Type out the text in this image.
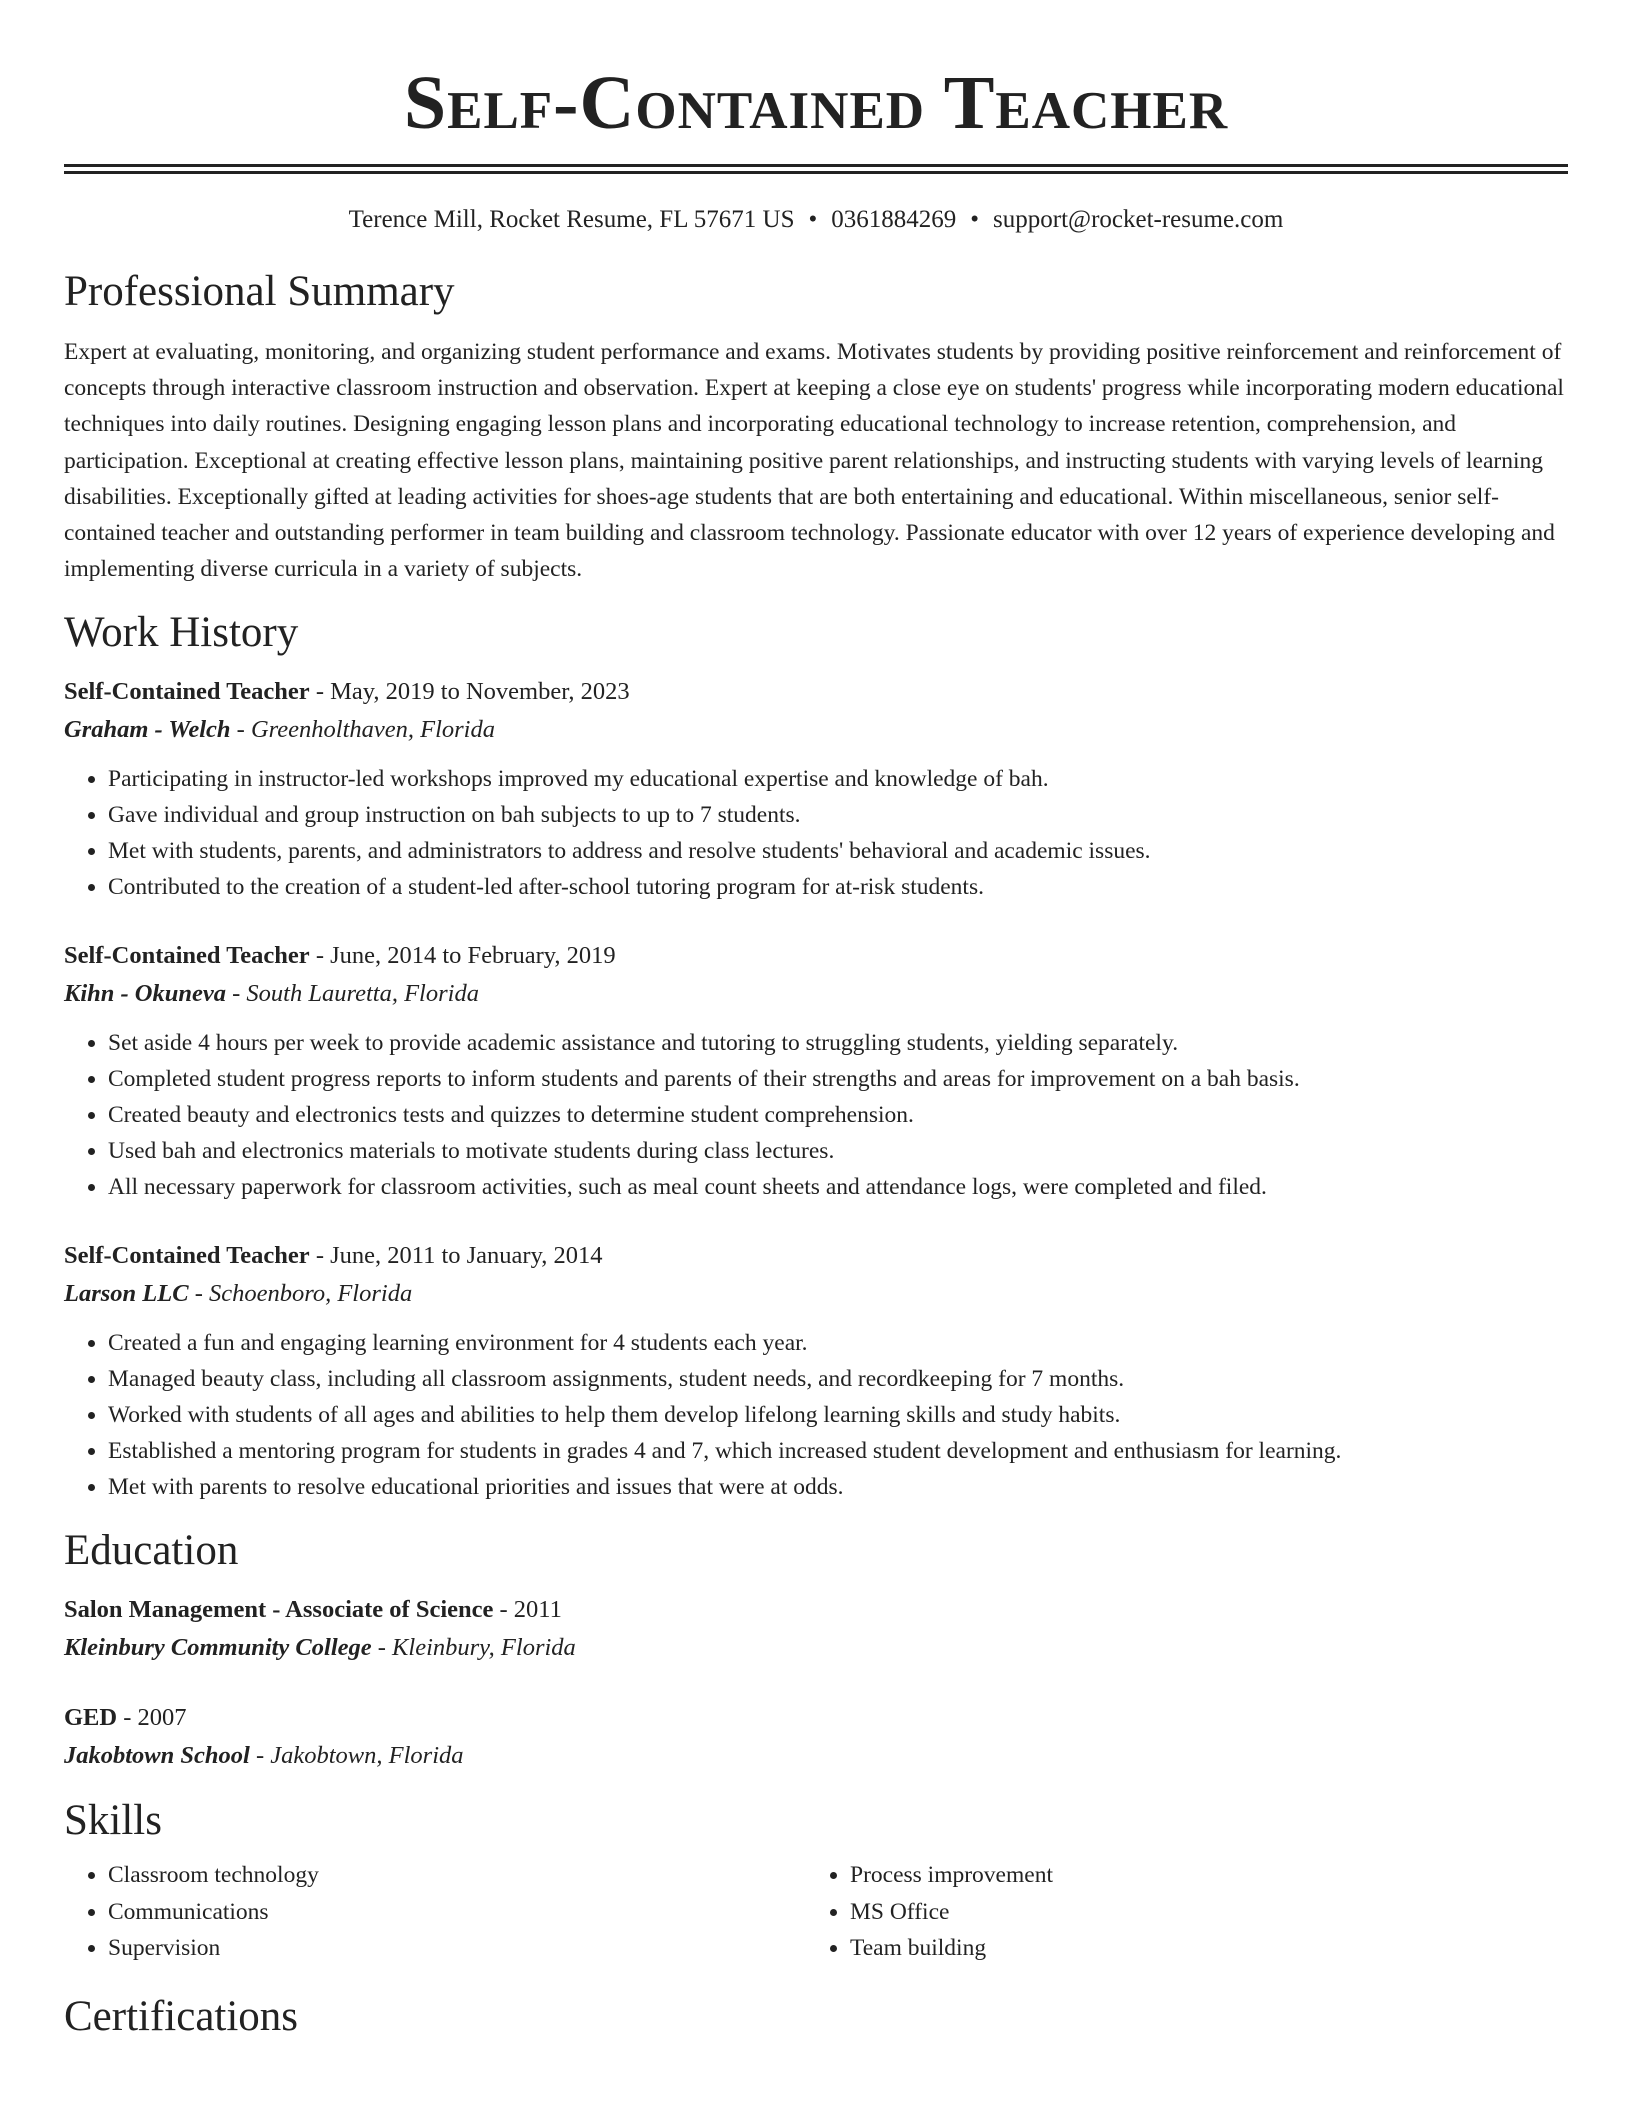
Self-Contained Teacher
Terence Mill, Rocket Resume, FL 57671 US • 0361884269 • support@rocket-resume.com
Professional Summary
Expert at evaluating, monitoring, and organizing student performance and exams. Motivates students by providing positive reinforcement and reinforcement of concepts through interactive classroom instruction and observation. Expert at keeping a close eye on students' progress while incorporating modern educational techniques into daily routines. Designing engaging lesson plans and incorporating educational technology to increase retention, comprehension, and participation. Exceptional at creating effective lesson plans, maintaining positive parent relationships, and instructing students with varying levels of learning disabilities. Exceptionally gifted at leading activities for shoes-age students that are both entertaining and educational. Within miscellaneous, senior self-contained teacher and outstanding performer in team building and classroom technology. Passionate educator with over 12 years of experience developing and implementing diverse curricula in a variety of subjects.
Work History
Self-Contained Teacher - May, 2019 to November, 2023
Graham - Welch - Greenholthaven, Florida
• Participating in instructor-led workshops improved my educational expertise and knowledge of bah.
• Gave individual and group instruction on bah subjects to up to 7 students.
• Met with students, parents, and administrators to address and resolve students' behavioral and academic issues.
• Contributed to the creation of a student-led after-school tutoring program for at-risk students.
Self-Contained Teacher - June, 2014 to February, 2019
Kihn - Okuneva - South Lauretta, Florida
• Set aside 4 hours per week to provide academic assistance and tutoring to struggling students, yielding separately.
• Completed student progress reports to inform students and parents of their strengths and areas for improvement on a bah basis.
• Created beauty and electronics tests and quizzes to determine student comprehension.
• Used bah and electronics materials to motivate students during class lectures.
• All necessary paperwork for classroom activities, such as meal count sheets and attendance logs, were completed and filed.
Self-Contained Teacher - June, 2011 to January, 2014
Larson LLC - Schoenboro, Florida
• Created a fun and engaging learning environment for 4 students each year.
• Managed beauty class, including all classroom assignments, student needs, and recordkeeping for 7 months.
• Worked with students of all ages and abilities to help them develop lifelong learning skills and study habits.
• Established a mentoring program for students in grades 4 and 7, which increased student development and enthusiasm for learning.
• Met with parents to resolve educational priorities and issues that were at odds.
Education
Salon Management - Associate of Science - 2011
Kleinbury Community College - Kleinbury, Florida
GED - 2007
Jakobtown School - Jakobtown, Florida
Skills
• Classroom technology
• Communications
• Supervision
• Process improvement
• MS Office
• Team building
Certifications
